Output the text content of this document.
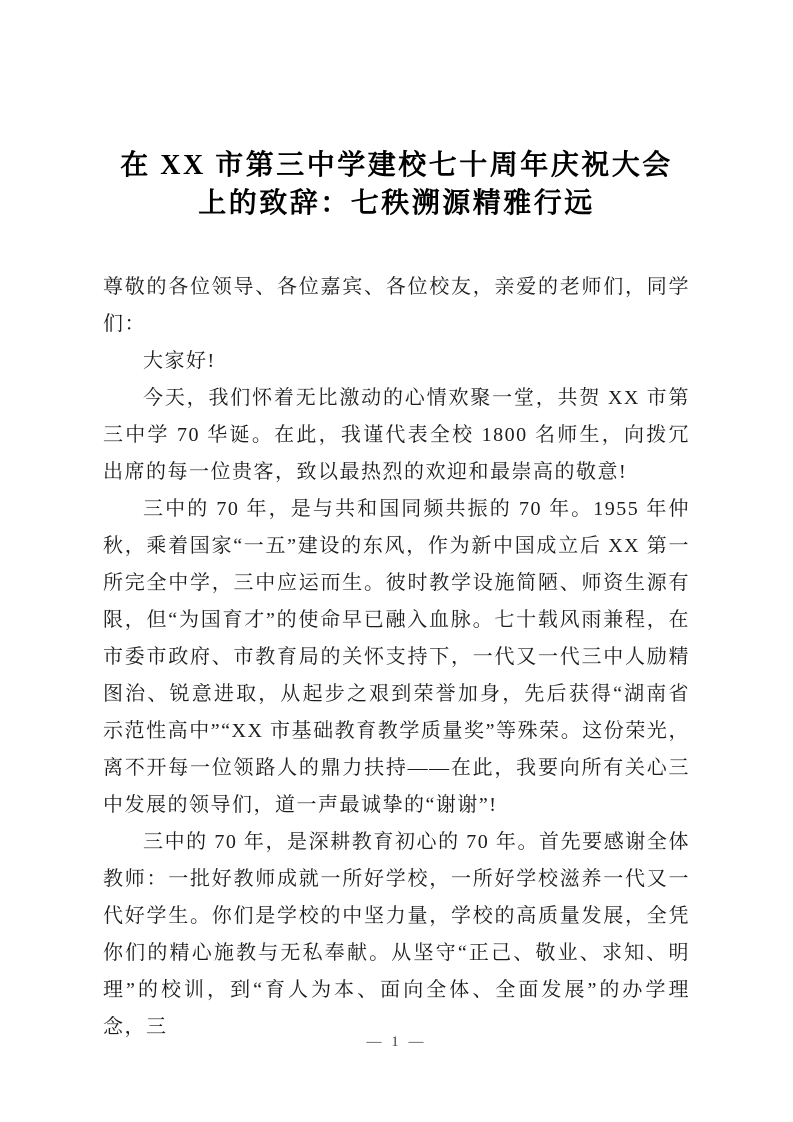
在 XX 市第三中学建校七十周年庆祝大会
上的致辞：七秩溯源精雅行远

尊敬的各位领导、各位嘉宾、各位校友，亲爱的老师们，同学们：

大家好!

今天，我们怀着无比激动的心情欢聚一堂，共贺 XX 市第三中学 70 华诞。在此，我谨代表全校 1800 名师生，向拨冗出席的每一位贵客，致以最热烈的欢迎和最崇高的敬意!

三中的 70 年，是与共和国同频共振的 70 年。1955 年仲秋，乘着国家“一五”建设的东风，作为新中国成立后 XX 第一所完全中学，三中应运而生。彼时教学设施简陋、师资生源有限，但“为国育才”的使命早已融入血脉。七十载风雨兼程，在市委市政府、市教育局的关怀支持下，一代又一代三中人励精图治、锐意进取，从起步之艰到荣誉加身，先后获得“湖南省示范性高中”“XX 市基础教育教学质量奖”等殊荣。这份荣光，离不开每一位领路人的鼎力扶持——在此，我要向所有关心三中发展的领导们，道一声最诚挚的“谢谢”!

三中的 70 年，是深耕教育初心的 70 年。首先要感谢全体教师：一批好教师成就一所好学校，一所好学校滋养一代又一代好学生。你们是学校的中坚力量，学校的高质量发展，全凭你们的精心施教与无私奉献。从坚守“正己、敬业、求知、明理”的校训，到“育人为本、面向全体、全面发展”的办学理念，三

— 1 —
